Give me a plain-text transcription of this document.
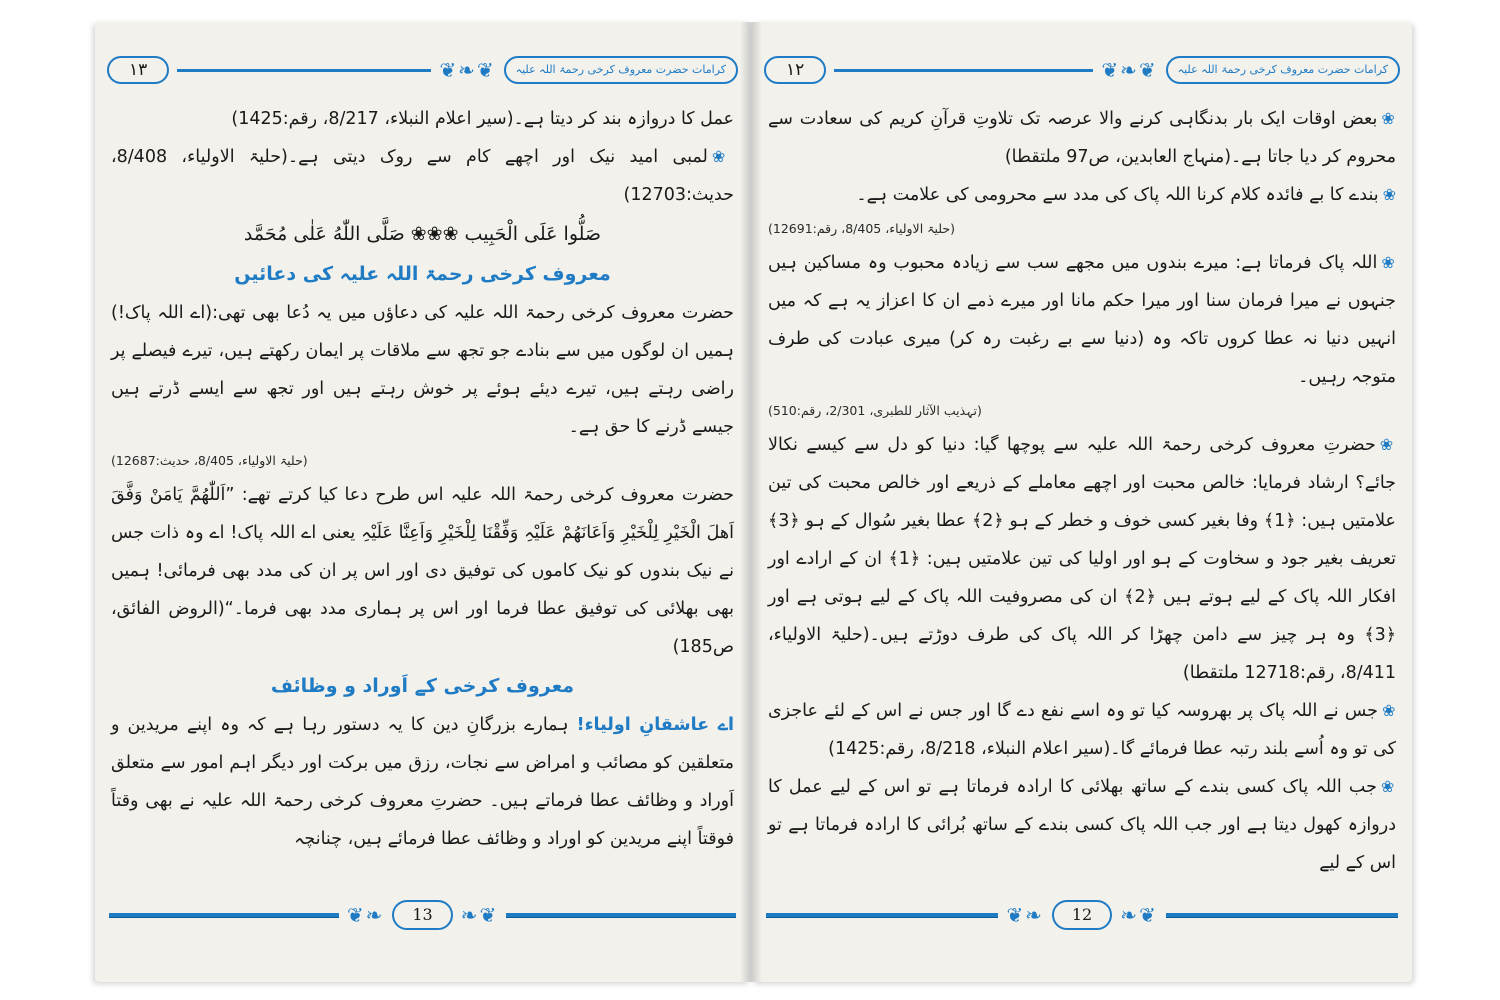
١٣	❦❧❦	کرامات حضرت معروف کرخی رحمۃ اللہ علیہ

عمل کا دروازہ بند کر دیتا ہے۔(سیر اعلام النبلاء، 8/217، رقم:1425)

❀لمبی امید نیک اور اچھے کام سے روک دیتی ہے۔(حلیۃ الاولیاء، 8/408، حدیث:12703)

صَلُّوا عَلَی الْحَبِیب ❀❀❀ صَلَّی اللّٰهُ عَلٰی مُحَمَّد

معروف کرخی رحمۃ اللہ علیہ کی دعائیں

حضرت معروف کرخی رحمۃ اللہ علیہ کی دعاؤں میں یہ دُعا بھی تھی:(اے اللہ پاک!) ہمیں ان لوگوں میں سے بنادے جو تجھ سے ملاقات پر ایمان رکھتے ہیں، تیرے فیصلے پر راضی رہتے ہیں، تیرے دیئے ہوئے پر خوش رہتے ہیں اور تجھ سے ایسے ڈرتے ہیں جیسے ڈرنے کا حق ہے۔

(حلیۃ الاولیاء، 8/405، حدیث:12687)

حضرت معروف کرخی رحمۃ اللہ علیہ اس طرح دعا کیا کرتے تھے: ”اَللّٰھُمَّ یَامَنْ وَفَّقَ اَھلَ الْخَیْرِ لِلْخَیْرِ وَاَعَانَھُمْ عَلَیْہِ وَفِّقْنَا لِلْخَیْرِ وَاَعِنَّا عَلَیْہِ یعنی اے اللہ پاک! اے وہ ذات جس نے نیک بندوں کو نیک کاموں کی توفیق دی اور اس پر ان کی مدد بھی فرمائی! ہمیں بھی بھلائی کی توفیق عطا فرما اور اس پر ہماری مدد بھی فرما۔“(الروض الفائق، ص185)

معروف کرخی کے اَوراد و وظائف

اے عاشقانِ اولیاء! ہمارے بزرگانِ دین کا یہ دستور رہا ہے کہ وہ اپنے مریدین و متعلقین کو مصائب و امراض سے نجات، رزق میں برکت اور دیگر اہم امور سے متعلق اَوراد و وظائف عطا فرماتے ہیں۔ حضرتِ معروف کرخی رحمۃ اللہ علیہ نے بھی وقتاً فوقتاً اپنے مریدین کو اوراد و وظائف عطا فرمائے ہیں، چنانچہ

❦❧	13	❧❦
١٢	❦❧❦	کرامات حضرت معروف کرخی رحمۃ اللہ علیہ

❀بعض اوقات ایک بار بدنگاہی کرنے والا عرصہ تک تلاوتِ قرآنِ کریم کی سعادت سے محروم کر دیا جاتا ہے۔(منہاج العابدین، ص97 ملتقطا)

❀بندے کا بے فائدہ کلام کرنا اللہ پاک کی مدد سے محرومی کی علامت ہے۔

(حلیۃ الاولیاء، 8/405، رقم:12691)

❀اللہ پاک فرماتا ہے: میرے بندوں میں مجھے سب سے زیادہ محبوب وہ مساکین ہیں جنہوں نے میرا فرمان سنا اور میرا حکم مانا اور میرے ذمے ان کا اعزاز یہ ہے کہ میں انہیں دنیا نہ عطا کروں تاکہ وہ (دنیا سے بے رغبت رہ کر) میری عبادت کی طرف متوجہ رہیں۔

(تہذیب الآثار للطبری، 2/301، رقم:510)

❀حضرتِ معروف کرخی رحمۃ اللہ علیہ سے پوچھا گیا: دنیا کو دل سے کیسے نکالا جائے؟ ارشاد فرمایا: خالص محبت اور اچھے معاملے کے ذریعے اور خالص محبت کی تین علامتیں ہیں: ﴿1﴾ وفا بغیر کسی خوف و خطر کے ہو ﴿2﴾ عطا بغیر سُوال کے ہو ﴿3﴾ تعریف بغیر جود و سخاوت کے ہو اور اولیا کی تین علامتیں ہیں: ﴿1﴾ ان کے ارادے اور افکار اللہ پاک کے لیے ہوتے ہیں ﴿2﴾ ان کی مصروفیت اللہ پاک کے لیے ہوتی ہے اور ﴿3﴾ وہ ہر چیز سے دامن چھڑا کر اللہ پاک کی طرف دوڑتے ہیں۔(حلیۃ الاولیاء، 8/411، رقم:12718 ملتقطا)

❀جس نے اللہ پاک پر بھروسہ کیا تو وہ اسے نفع دے گا اور جس نے اس کے لئے عاجزی کی تو وہ اُسے بلند رتبہ عطا فرمائے گا۔(سیر اعلام النبلاء، 8/218، رقم:1425)

❀جب اللہ پاک کسی بندے کے ساتھ بھلائی کا ارادہ فرماتا ہے تو اس کے لیے عمل کا دروازہ کھول دیتا ہے اور جب اللہ پاک کسی بندے کے ساتھ بُرائی کا ارادہ فرماتا ہے تو اس کے لیے

❦❧	12	❧❦
